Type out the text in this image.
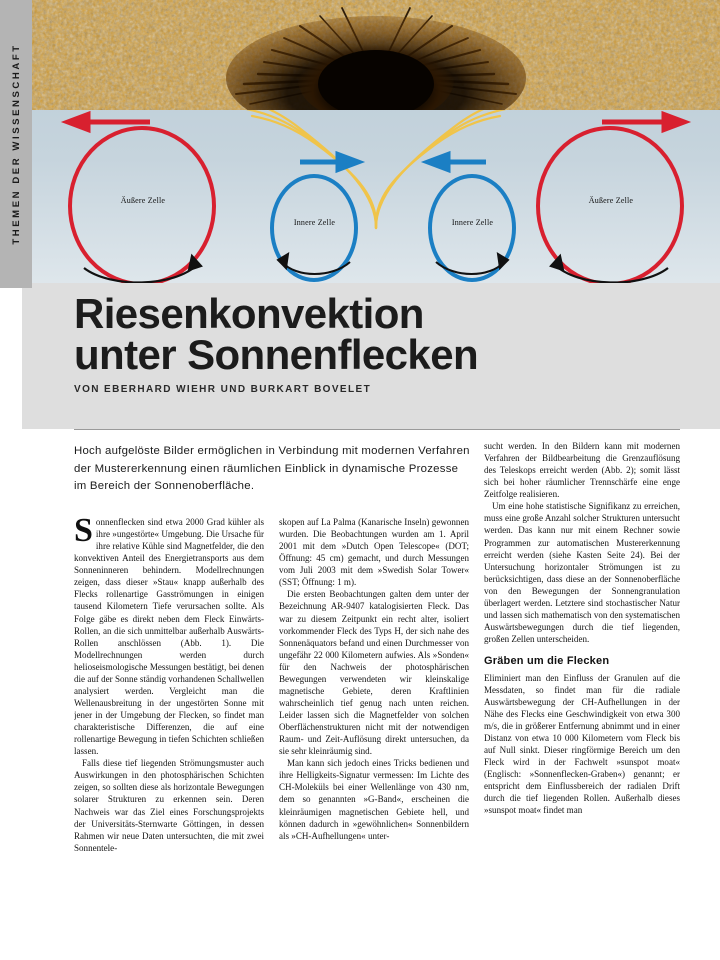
THEMEN DER WISSENSCHAFT	Äußere Zelle
Innere Zelle	Innere Zelle
Äußere Zelle
Riesenkonvektion
unter Sonnenflecken
VON EBERHARD WIEHR UND BURKART BOVELET
Hoch aufgelöste Bilder ermöglichen in Verbindung mit modernen Verfahren der Mustererkennung einen räumlichen Einblick in dynamische Prozesse im Bereich der Sonnenoberfläche.

Sonnenflecken sind etwa 2000 Grad kühler als ihre »ungestörte« Umgebung. Die Ursache für ihre relative Kühle sind Magnetfelder, die den konvektiven Anteil des Energietransports aus dem Sonneninneren behindern. Modellrechnungen zeigen, dass dieser »Stau« knapp außerhalb des Flecks rollenartige Gasströmungen in einigen tausend Kilometern Tiefe verursachen sollte. Als Folge gäbe es direkt neben dem Fleck Einwärts-Rollen, an die sich unmittelbar außerhalb Auswärts-Rollen anschlössen (Abb. 1). Die Modellrechnungen werden durch helioseismologische Messungen bestätigt, bei denen die auf der Sonne ständig vorhandenen Schallwellen analysiert werden. Vergleicht man die Wellenausbreitung in der ungestörten Sonne mit jener in der Umgebung der Flecken, so findet man charakteristische Differenzen, die auf eine rollenartige Bewegung in tiefen Schichten schließen lassen.

Falls diese tief liegenden Strömungsmuster auch Auswirkungen in den photosphärischen Schichten zeigen, so sollten diese als horizontale Bewegungen solarer Strukturen zu erkennen sein. Deren Nachweis war das Ziel eines Forschungsprojekts der Universitäts-Sternwarte Göttingen, in dessen Rahmen wir neue Daten untersuchten, die mit zwei Sonnentele-

skopen auf La Palma (Kanarische Inseln) gewonnen wurden. Die Beobachtungen wurden am 1. April 2001 mit dem »Dutch Open Telescope« (DOT; Öffnung: 45 cm) gemacht, und durch Messungen vom Juli 2003 mit dem »Swedish Solar Tower« (SST; Öffnung: 1 m).

Die ersten Beobachtungen galten dem unter der Bezeichnung AR-9407 katalogisierten Fleck. Das war zu diesem Zeitpunkt ein recht alter, isoliert vorkommender Fleck des Typs H, der sich nahe des Sonnenäquators befand und einen Durchmesser von ungefähr 22 000 Kilometern aufwies. Als »Sonden« für den Nachweis der photosphärischen Bewegungen verwendeten wir kleinskalige magnetische Gebiete, deren Kraftlinien wahrscheinlich tief genug nach unten reichen. Leider lassen sich die Magnetfelder von solchen Oberflächenstrukturen nicht mit der notwendigen Raum- und Zeit-Auflösung direkt untersuchen, da sie sehr kleinräumig sind.

Man kann sich jedoch eines Tricks bedienen und ihre Helligkeits-Signatur vermessen: Im Lichte des CH-Moleküls bei einer Wellenlänge von 430 nm, dem so genannten »G-Band«, erscheinen die kleinräumigen magnetischen Gebiete hell, und können dadurch in »gewöhnlichen« Sonnenbildern als »CH-Aufhellungen« unter-

sucht werden. In den Bildern kann mit modernen Verfahren der Bildbearbeitung die Grenzauflösung des Teleskops erreicht werden (Abb. 2); somit lässt sich bei hoher räumlicher Trennschärfe eine enge Zeitfolge realisieren.

Um eine hohe statistische Signifikanz zu erreichen, muss eine große Anzahl solcher Strukturen untersucht werden. Das kann nur mit einem Rechner sowie Programmen zur automatischen Mustererkennung erreicht werden (siehe Kasten Seite 24). Bei der Untersuchung horizontaler Strömungen ist zu berücksichtigen, dass diese an der Sonnenoberfläche von den Bewegungen der Sonnengranulation überlagert werden. Letztere sind stochastischer Natur und lassen sich mathematisch von den systematischen Auswärtsbewegungen durch die tief liegenden, großen Zellen unterscheiden.

Gräben um die Flecken

Eliminiert man den Einfluss der Granulen auf die Messdaten, so findet man für die radiale Auswärtsbewegung der CH-Aufhellungen in der Nähe des Flecks eine Geschwindigkeit von etwa 300 m/s, die in größerer Entfernung abnimmt und in einer Distanz von etwa 10 000 Kilometern vom Fleck bis auf Null sinkt. Dieser ringförmige Bereich um den Fleck wird in der Fachwelt »sunspot moat« (Englisch: »Sonnenflecken-Graben«) genannt; er entspricht dem Einflussbereich der radialen Drift durch die tief liegenden Rollen. Außerhalb dieses »sunspot moat« findet man
